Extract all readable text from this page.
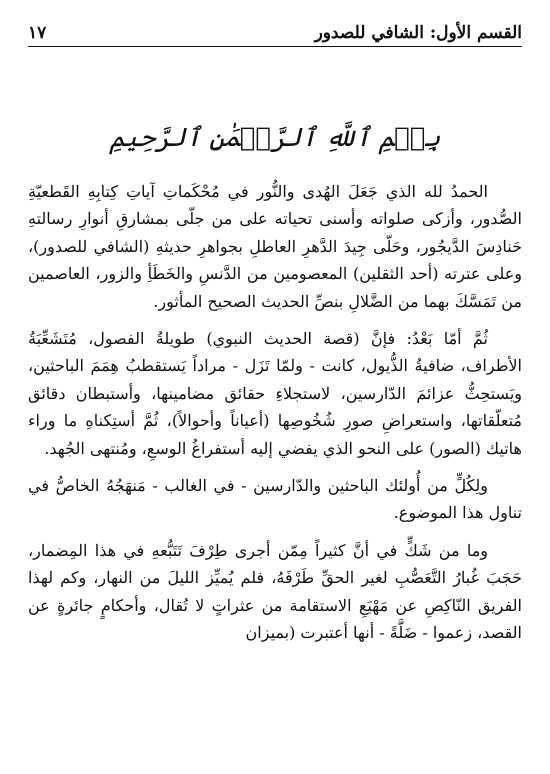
القسم الأول: الشافي للصدور
١٧
بِسۡمِ ٱللَّهِ ٱلرَّحۡمَٰنِ ٱلرَّحِيمِ

الحمدُ لله الذي جَعَلَ الهُدى والنُّور في مُحْكَماتِ آياتِ كِتابِهِ القَطعيّةِ الصُّدور، وأزكى صلواته وأسنى تحياته على من جلّى بمشارقِ أنوارِ رسالتهِ حَنادِسَ الدَّيجُور، وحَلّى جِيدَ الدَّهرِ العاطلِ بجواهرِ حديثهِ (الشافي للصدور)، وعلى عترته (أحد الثقلين) المعصومين من الدَّنسِ والخَطَأِ والزور، العاصمين من تَمَسَّكَ بهما من الضَّلالِ بنصِّ الحديث الصحيح المأثور.

ثُمَّ أمّا بَعْدُ: فإنَّ (قصة الحديث النبوي) طويلةُ الفصول، مُتَشَعِّبَةُ الأطراف، ضافيةُ الذُّيول، كانت - ولمّا تَزَل - مراداً يَستقطبُ هِمَمَ الباحثين، ويَستحِثُّ عزائمَ الدّارسين، لاستجلاءِ حقائق مضامينها، وأستبطان دقائق مُتعلّقاتها، واستعراضِ صورِ شُخُوصِها (أعياناً وأحوالاً)، ثُمَّ أستِكناهِ ما وراء هاتيك (الصور) على النحو الذي يفضي إليه أستفراغُ الوسعِ، ومُنتهى الجُهد.

ولِكُلٍّ من أُولئك الباحثين والدّارسين - في الغالب - مَنهَجُهُ الخاصُّ في تناول هذا الموضوع.

وما من شَكٍّ في أنَّ كثيراً مِمّن أجرى طِرْفَ تَتَبُّعهِ في هذا المِضمار، حَجَبَ غُبارُ التَّعَصُّبِ لغير الحقِّ طَرْفَهُ، فلم يُميِّز الليلَ من النهار، وكم لهذا الفريق النّاكِصِ عن مَهْيَعِ الاستقامة من عثراتٍ لا تُقال، وأحكامٍ جائرةٍ عن القصد، زعموا - ضَلَّةً - أنها أعتبرت (بميزان
